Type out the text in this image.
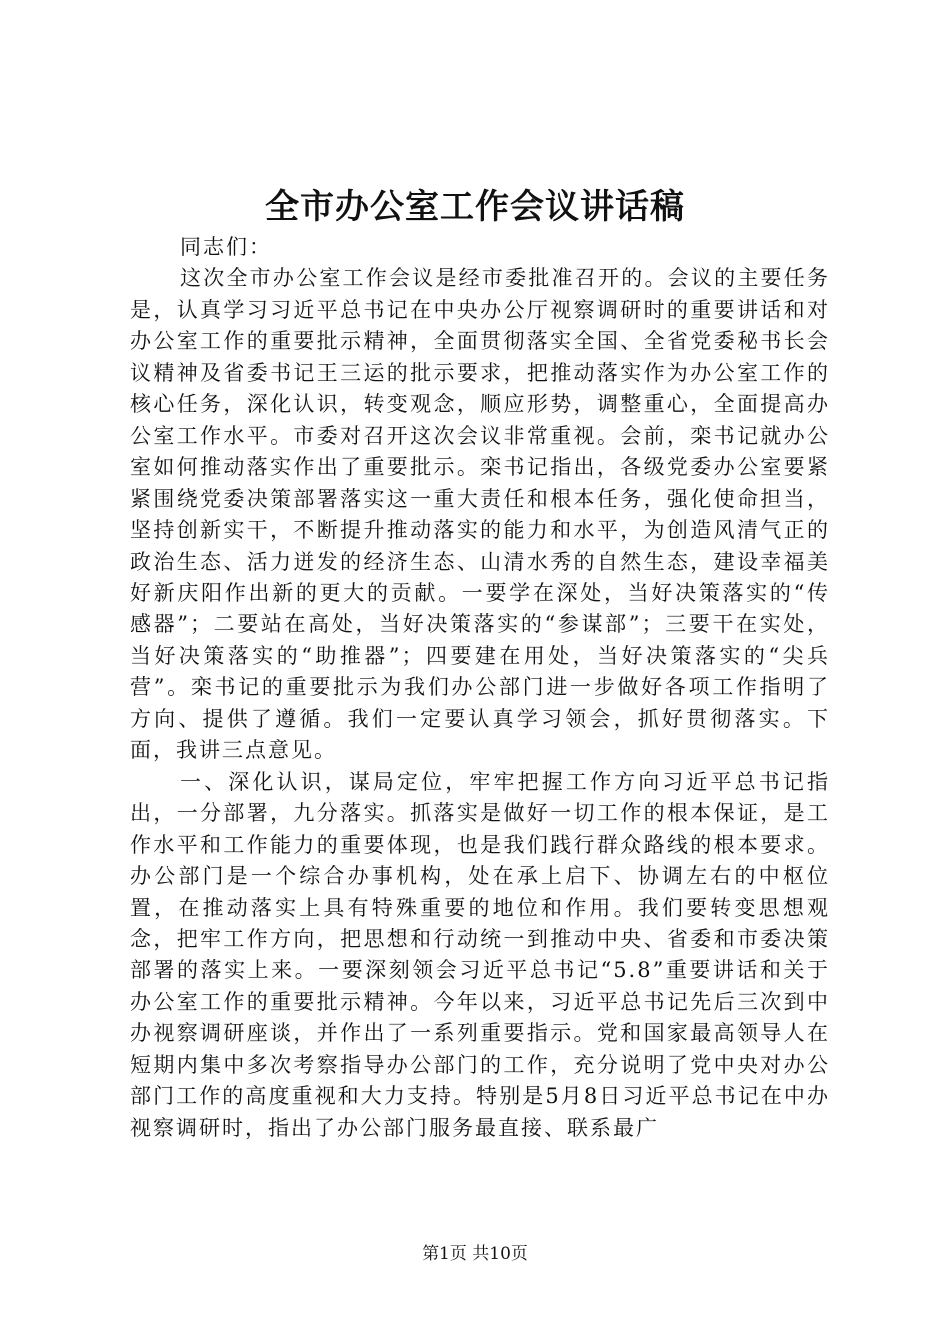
全市办公室工作会议讲话稿

同志们：

这次全市办公室工作会议是经市委批准召开的。会议的主要任务是，认真学习习近平总书记在中央办公厅视察调研时的重要讲话和对办公室工作的重要批示精神，全面贯彻落实全国、全省党委秘书长会议精神及省委书记王三运的批示要求，把推动落实作为办公室工作的核心任务，深化认识，转变观念，顺应形势，调整重心，全面提高办公室工作水平。市委对召开这次会议非常重视。会前，栾书记就办公室如何推动落实作出了重要批示。栾书记指出，各级党委办公室要紧紧围绕党委决策部署落实这一重大责任和根本任务，强化使命担当，坚持创新实干，不断提升推动落实的能力和水平，为创造风清气正的政治生态、活力迸发的经济生态、山清水秀的自然生态，建设幸福美好新庆阳作出新的更大的贡献。一要学在深处，当好决策落实的“传感器”；二要站在高处，当好决策落实的“参谋部”；三要干在实处，当好决策落实的“助推器”；四要建在用处，当好决策落实的“尖兵营”。栾书记的重要批示为我们办公部门进一步做好各项工作指明了方向、提供了遵循。我们一定要认真学习领会，抓好贯彻落实。下面，我讲三点意见。

一、深化认识，谋局定位，牢牢把握工作方向习近平总书记指出，一分部署，九分落实。抓落实是做好一切工作的根本保证，是工作水平和工作能力的重要体现，也是我们践行群众路线的根本要求。办公部门是一个综合办事机构，处在承上启下、协调左右的中枢位置，在推动落实上具有特殊重要的地位和作用。我们要转变思想观念，把牢工作方向，把思想和行动统一到推动中央、省委和市委决策部署的落实上来。一要深刻领会习近平总书记“5.8”重要讲话和关于办公室工作的重要批示精神。今年以来，习近平总书记先后三次到中办视察调研座谈，并作出了一系列重要指示。党和国家最高领导人在短期内集中多次考察指导办公部门的工作，充分说明了党中央对办公部门工作的高度重视和大力支持。特别是5月8日习近平总书记在中办视察调研时，指出了办公部门服务最直接、联系最广

第1页 共10页
